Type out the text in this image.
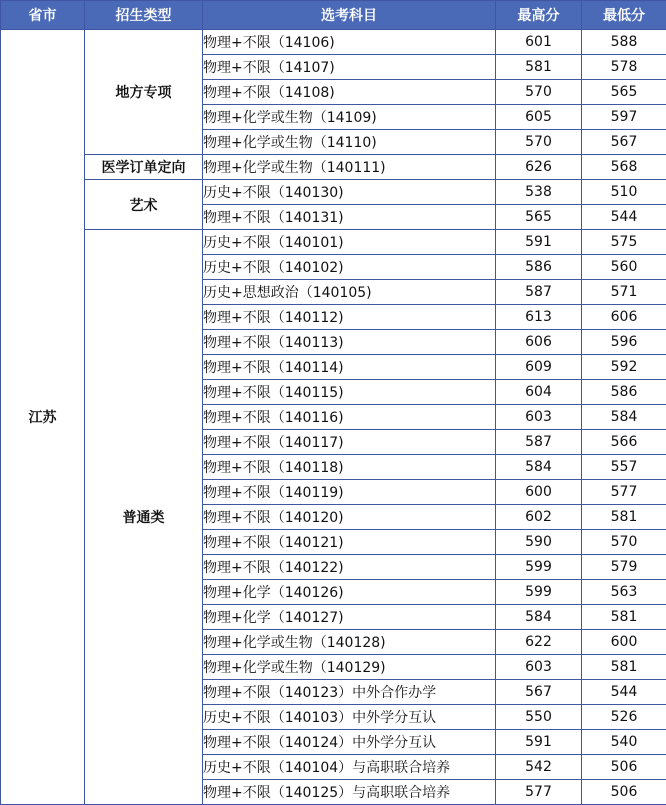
省市	招生类型	选考科目	最高分	最低分
江苏	地方专项	物理+不限（14106)	601	588
		物理+不限（14107)	581	578
		物理+不限（14108)	570	565
		物理+化学或生物（14109)	605	597
		物理+化学或生物（14110)	570	567
	医学订单定向	物理+化学或生物（140111)	626	568
	艺术	历史+不限（140130)	538	510
		物理+不限（140131)	565	544
	普通类	历史+不限（140101)	591	575
		历史+不限（140102)	586	560
		历史+思想政治（140105)	587	571
		物理+不限（140112)	613	606
		物理+不限（140113)	606	596
		物理+不限（140114)	609	592
		物理+不限（140115)	604	586
		物理+不限（140116)	603	584
		物理+不限（140117)	587	566
		物理+不限（140118)	584	557
		物理+不限（140119)	600	577
		物理+不限（140120)	602	581
		物理+不限（140121)	590	570
		物理+不限（140122)	599	579
		物理+化学（140126)	599	563
		物理+化学（140127)	584	581
		物理+化学或生物（140128)	622	600
		物理+化学或生物（140129)	603	581
		物理+不限（140123）中外合作办学	567	544
		历史+不限（140103）中外学分互认	550	526
		物理+不限（140124）中外学分互认	591	540
		历史+不限（140104）与高职联合培养	542	506
		物理+不限（140125）与高职联合培养	577	506
